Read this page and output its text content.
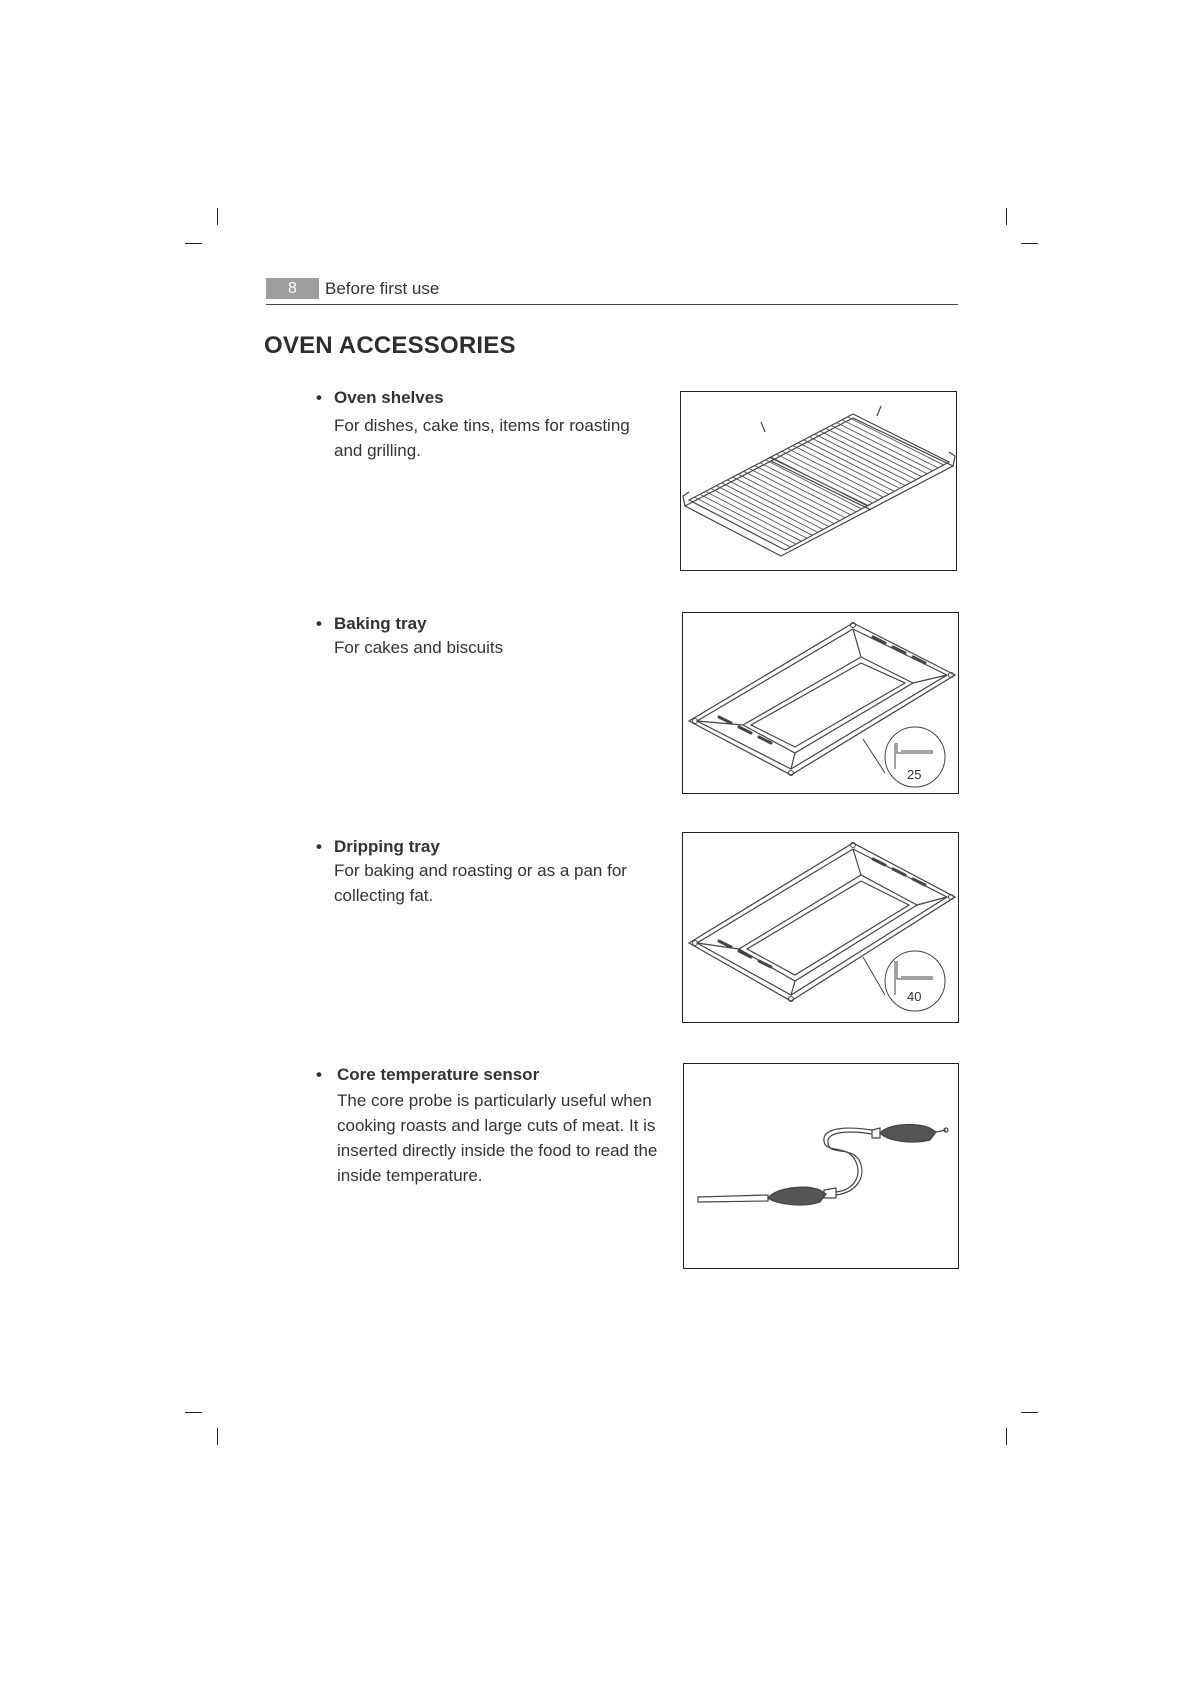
8	Before first use
OVEN ACCESSORIES
• Oven shelves
For dishes, cake tins, items for roasting and grilling.
• Baking tray
For cakes and biscuits
25
• Dripping tray
For baking and roasting or as a pan for collecting fat.
40
• Core temperature sensor
The core probe is particularly useful when cooking roasts and large cuts of meat. It is inserted directly inside the food to read the inside temperature.
